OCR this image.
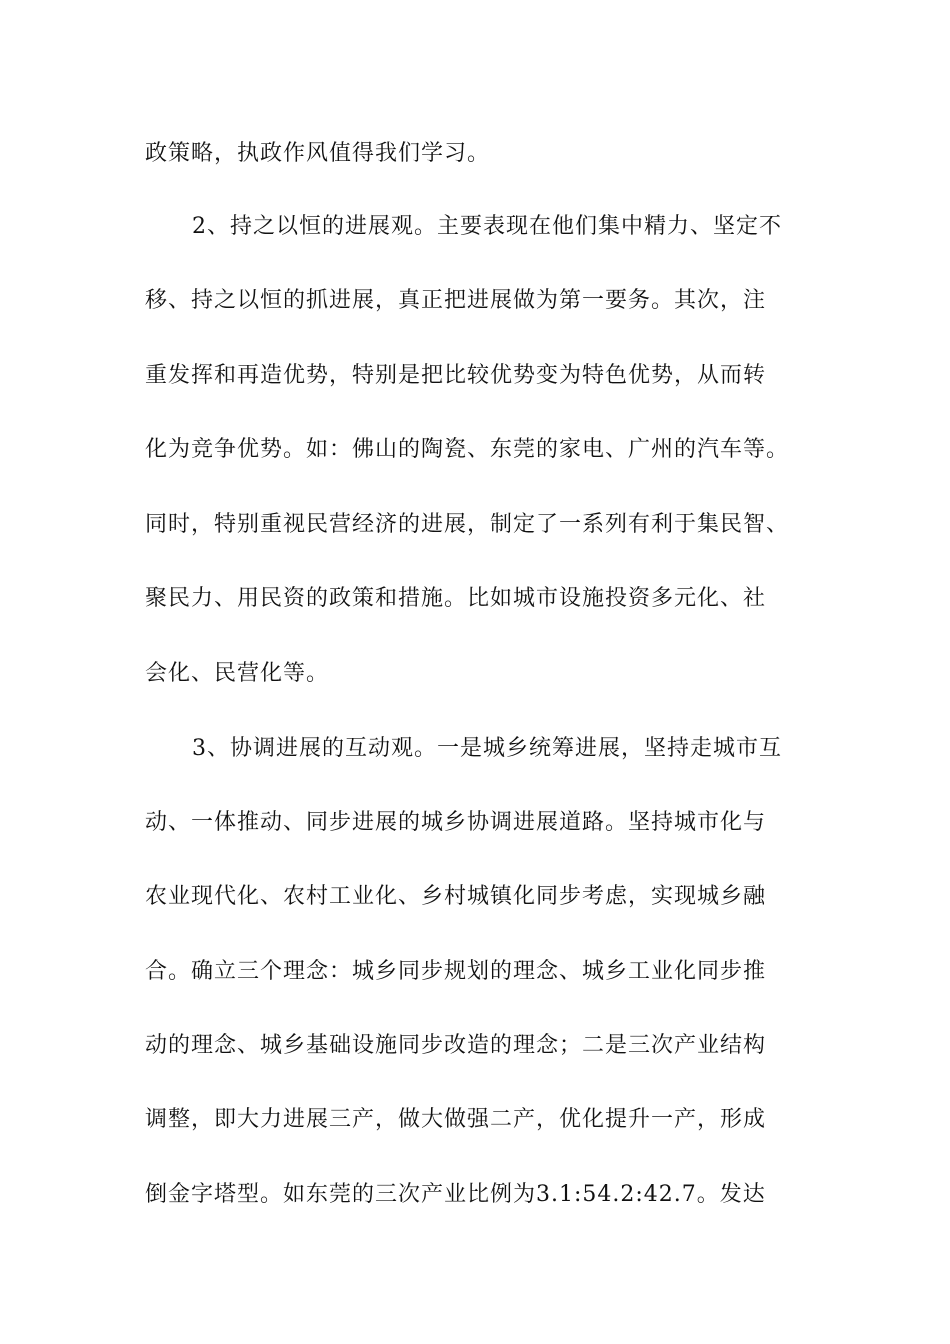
政策略，执政作风值得我们学习。
2、持之以恒的进展观。主要表现在他们集中精力、坚定不
移、持之以恒的抓进展，真正把进展做为第一要务。其次，注
重发挥和再造优势，特别是把比较优势变为特色优势，从而转
化为竞争优势。如：佛山的陶瓷、东莞的家电、广州的汽车等。
同时，特别重视民营经济的进展，制定了一系列有利于集民智、
聚民力、用民资的政策和措施。比如城市设施投资多元化、社
会化、民营化等。
3、协调进展的互动观。一是城乡统筹进展，坚持走城市互
动、一体推动、同步进展的城乡协调进展道路。坚持城市化与
农业现代化、农村工业化、乡村城镇化同步考虑，实现城乡融
合。确立三个理念：城乡同步规划的理念、城乡工业化同步推
动的理念、城乡基础设施同步改造的理念；二是三次产业结构
调整，即大力进展三产，做大做强二产，优化提升一产，形成
倒金字塔型。如东莞的三次产业比例为3.1:54.2:42.7。发达
